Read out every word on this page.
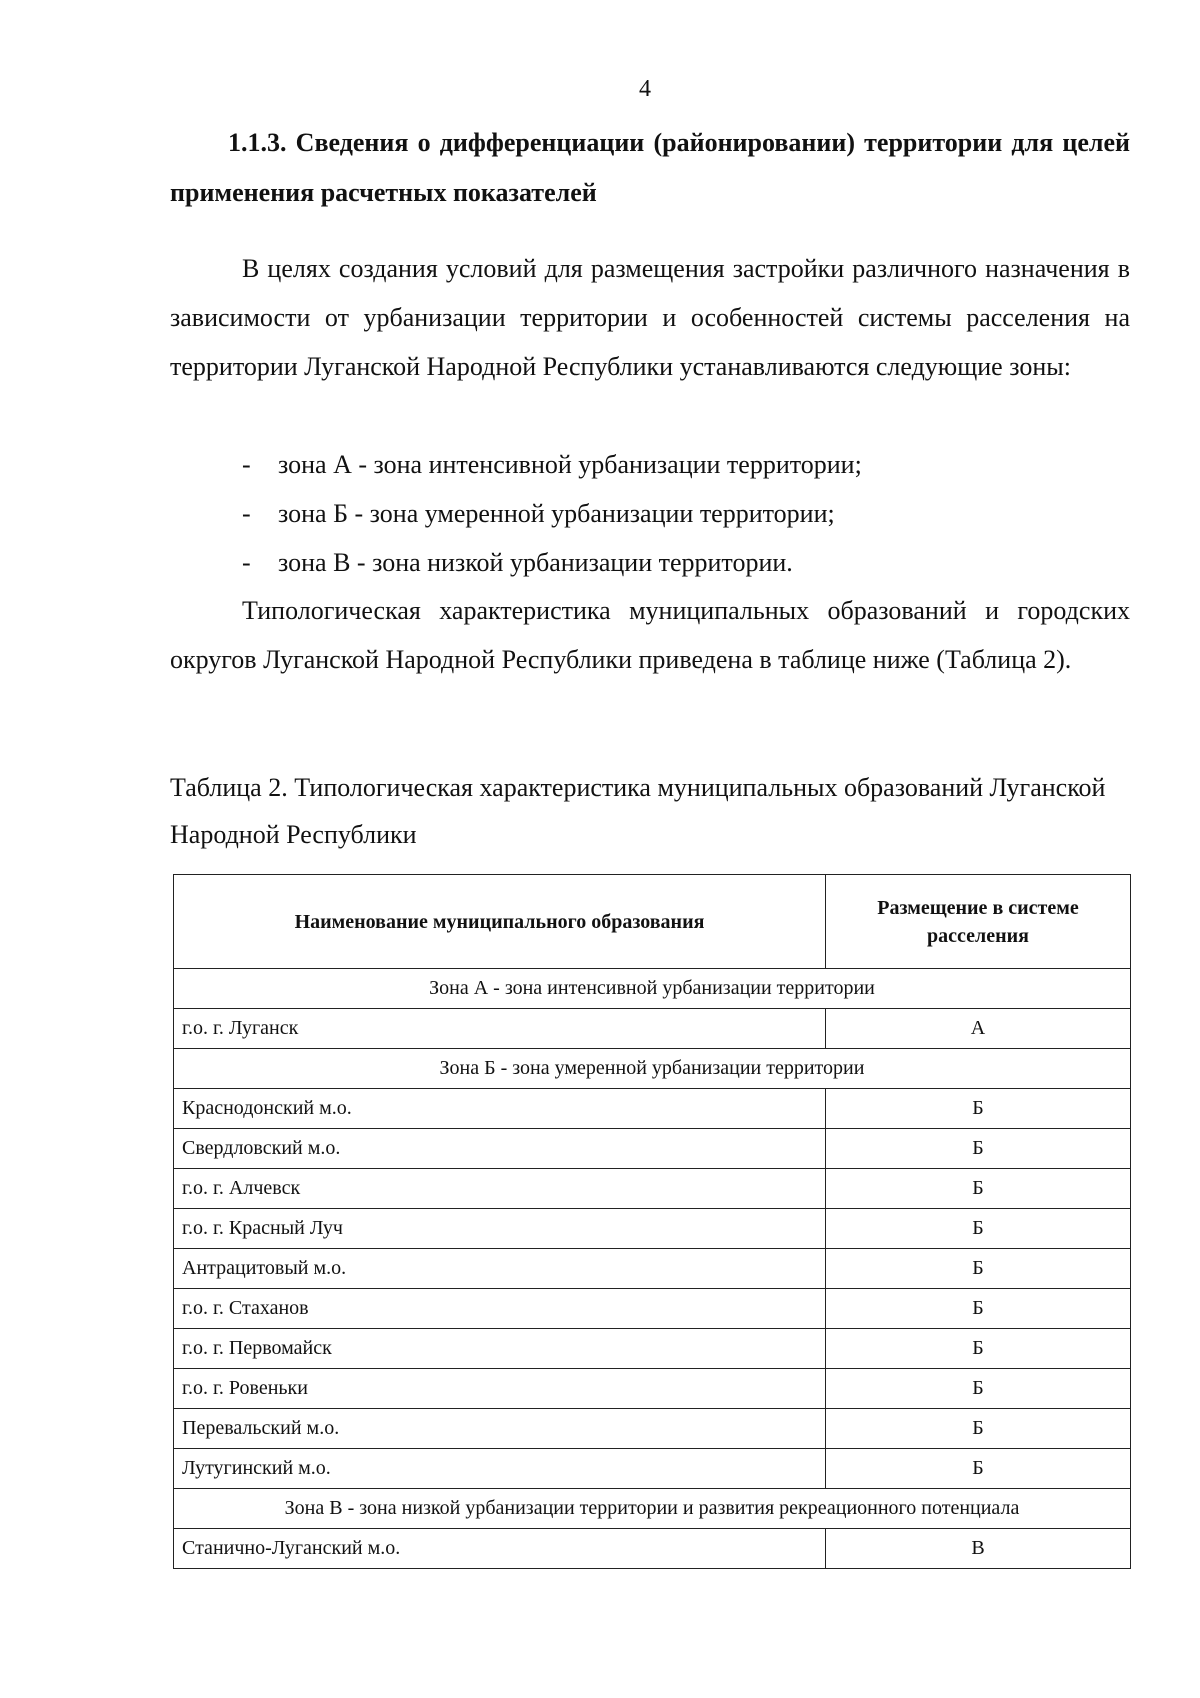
4
1.1.3. Сведения о дифференциации (районировании) территории для целей применения расчетных показателей

В целях создания условий для размещения застройки различного назначения в зависимости от урбанизации территории и особенностей системы расселения на территории Луганской Народной Республики устанавливаются следующие зоны:

- зона А - зона интенсивной урбанизации территории;
- зона Б - зона умеренной урбанизации территории;
- зона В - зона низкой урбанизации территории.

Типологическая характеристика муниципальных образований и городских округов Луганской Народной Республики приведена в таблице ниже (Таблица 2).

Таблица 2. Типологическая характеристика муниципальных образований Луганской Народной Республики
Наименование муниципального образования	Размещение в системе расселения
Зона А - зона интенсивной урбанизации территории	
г.о. г. Луганск	А
Зона Б - зона умеренной урбанизации территории	
Краснодонский м.о.	Б
Свердловский м.о.	Б
г.о. г. Алчевск	Б
г.о. г. Красный Луч	Б
Антрацитовый м.о.	Б
г.о. г. Стаханов	Б
г.о. г. Первомайск	Б
г.о. г. Ровеньки	Б
Перевальский м.о.	Б
Лутугинский м.о.	Б
Зона В - зона низкой урбанизации территории и развития рекреационного потенциала	
Станично-Луганский м.о.	В
